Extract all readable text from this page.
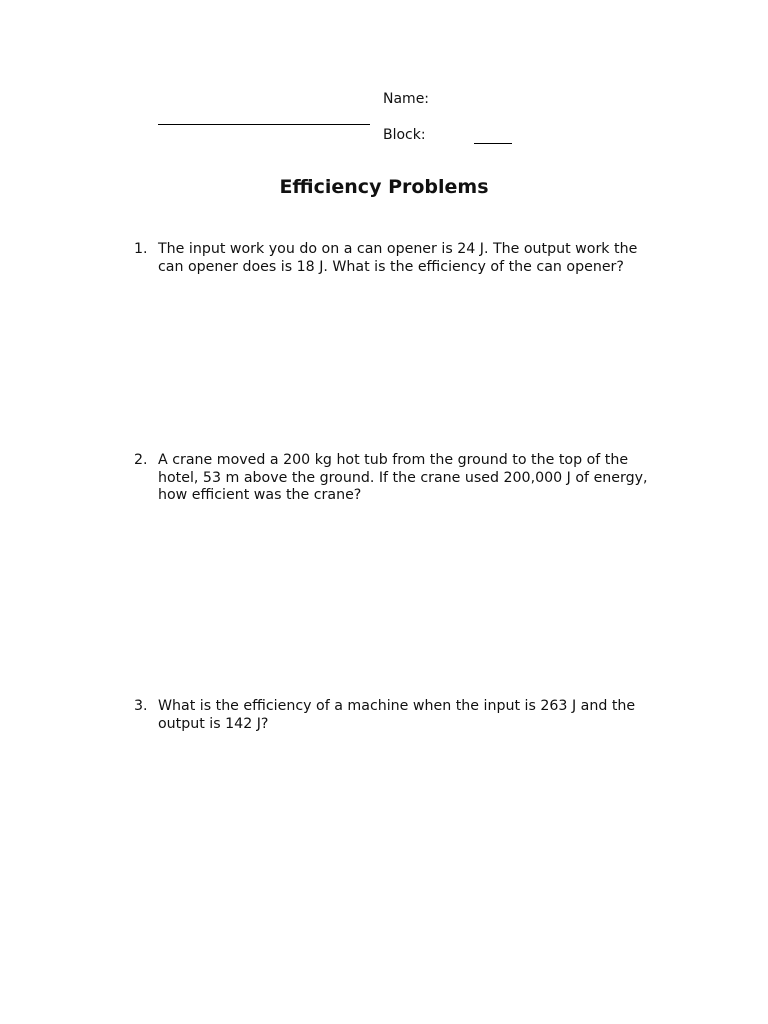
Name:
Block:
Efficiency Problems
1. The input work you do on a can opener is 24 J. The output work the can opener does is 18 J. What is the efficiency of the can opener?
2. A crane moved a 200 kg hot tub from the ground to the top of the hotel, 53 m above the ground. If the crane used 200,000 J of energy, how efficient was the crane?
3. What is the efficiency of a machine when the input is 263 J and the output is 142 J?
